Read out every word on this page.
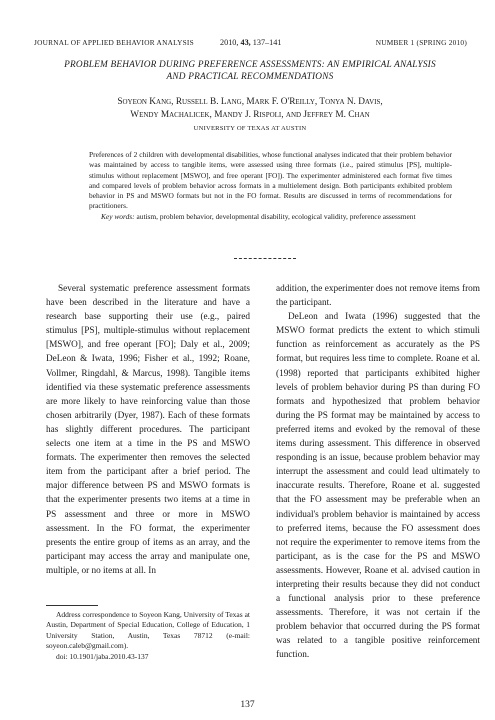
JOURNAL OF APPLIED BEHAVIOR ANALYSIS	2010, 43, 137–141	NUMBER 1 (SPRING 2010)
PROBLEM BEHAVIOR DURING PREFERENCE ASSESSMENTS: AN EMPIRICAL ANALYSIS AND PRACTICAL RECOMMENDATIONS
Soyeon Kang, Russell B. Lang, Mark F. O'Reilly, Tonya N. Davis,
Wendy Machalicek, Mandy J. Rispoli, and Jeffrey M. Chan
UNIVERSITY OF TEXAS AT AUSTIN

Preferences of 2 children with developmental disabilities, whose functional analyses indicated that their problem behavior was maintained by access to tangible items, were assessed using three formats (i.e., paired stimulus [PS], multiple-stimulus without replacement [MSWO], and free operant [FO]). The experimenter administered each format five times and compared levels of problem behavior across formats in a multielement design. Both participants exhibited problem behavior in PS and MSWO formats but not in the FO format. Results are discussed in terms of recommendations for practitioners.

Key words: autism, problem behavior, developmental disability, ecological validity, preference assessment

Several systematic preference assessment formats have been described in the literature and have a research base supporting their use (e.g., paired stimulus [PS], multiple-stimulus without replacement [MSWO], and free operant [FO]; Daly et al., 2009; DeLeon & Iwata, 1996; Fisher et al., 1992; Roane, Vollmer, Ringdahl, & Marcus, 1998). Tangible items identified via these systematic preference assessments are more likely to have reinforcing value than those chosen arbitrarily (Dyer, 1987). Each of these formats has slightly different procedures. The participant selects one item at a time in the PS and MSWO formats. The experimenter then removes the selected item from the participant after a brief period. The major difference between PS and MSWO formats is that the experimenter presents two items at a time in PS assessment and three or more in MSWO assessment. In the FO format, the experimenter presents the entire group of items as an array, and the participant may access the array and manipulate one, multiple, or no items at all. In

addition, the experimenter does not remove items from the participant.

DeLeon and Iwata (1996) suggested that the MSWO format predicts the extent to which stimuli function as reinforcement as accurately as the PS format, but requires less time to complete. Roane et al. (1998) reported that participants exhibited higher levels of problem behavior during PS than during FO formats and hypothesized that problem behavior during the PS format may be maintained by access to preferred items and evoked by the removal of these items during assessment. This difference in observed responding is an issue, because problem behavior may interrupt the assessment and could lead ultimately to inaccurate results. Therefore, Roane et al. suggested that the FO assessment may be preferable when an individual's problem behavior is maintained by access to preferred items, because the FO assessment does not require the experimenter to remove items from the participant, as is the case for the PS and MSWO assessments. However, Roane et al. advised caution in interpreting their results because they did not conduct a functional analysis prior to these preference assessments. Therefore, it was not certain if the problem behavior that occurred during the PS format was related to a tangible positive reinforcement function.

Address correspondence to Soyeon Kang, University of Texas at Austin, Department of Special Education, College of Education, 1 University Station, Austin, Texas 78712 (e-mail: soyeon.caleb@gmail.com).

doi: 10.1901/jaba.2010.43-137

137
